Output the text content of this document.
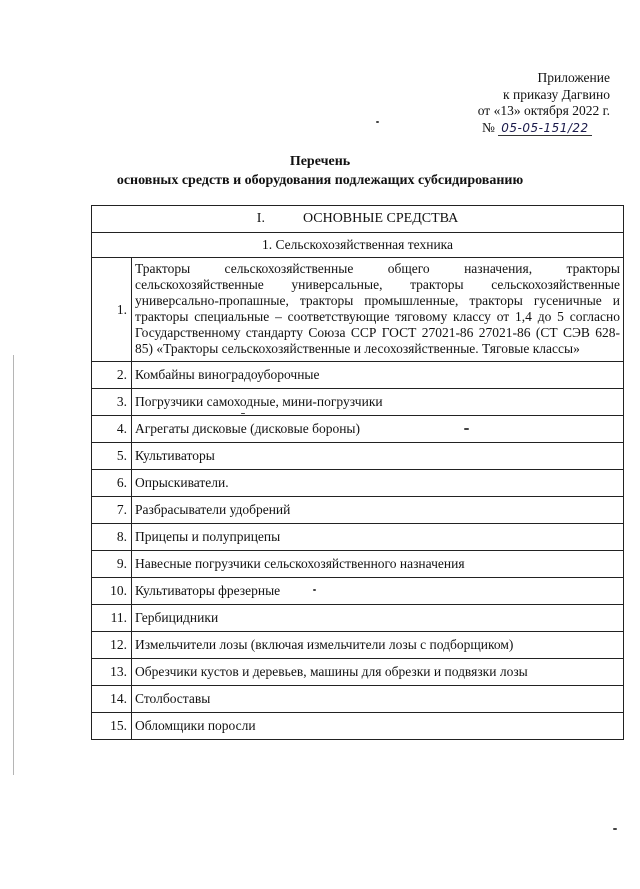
Приложение
к приказу Дагвино
от «13» октября 2022 г.
№ 05-05-151/22
Перечень
основных средств и оборудования подлежащих субсидированию
I. ОСНОВНЫЕ СРЕДСТВА	
1. Сельскохозяйственная техника	
1.	Тракторы сельскохозяйственные общего назначения, тракторы сельскохозяйственные универсальные, тракторы сельскохозяйственные универсально-пропашные, тракторы промышленные, тракторы гусеничные и тракторы специальные – соответствующие тяговому классу от 1,4 до 5 согласно Государственному стандарту Союза ССР ГОСТ 27021-86 27021-86 (СТ СЭВ 628-85) «Тракторы сельскохозяйственные и лесохозяйственные. Тяговые классы»
2.	Комбайны виноградоуборочные
3.	Погрузчики самоходные, мини-погрузчики
4.	Агрегаты дисковые (дисковые бороны)
5.	Культиваторы
6.	Опрыскиватели.
7.	Разбрасыватели удобрений
8.	Прицепы и полуприцепы
9.	Навесные погрузчики сельскохозяйственного назначения
10.	Культиваторы фрезерные
11.	Гербицидники
12.	Измельчители лозы (включая измельчители лозы с подборщиком)
13.	Обрезчики кустов и деревьев, машины для обрезки и подвязки лозы
14.	Столбоставы
15.	Обломщики поросли
